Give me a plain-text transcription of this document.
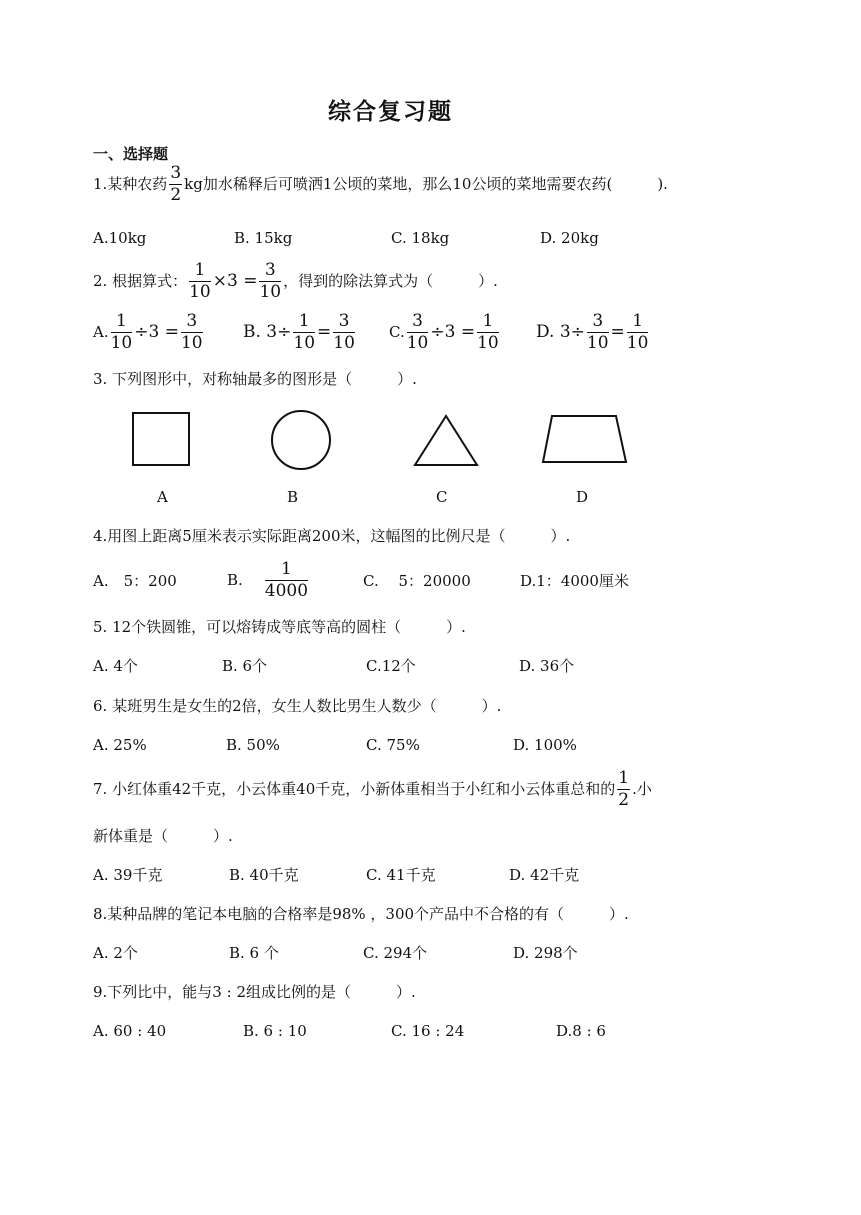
综合复习题
一、选择题
1.某种农药 $\frac{3}{2}$ kg加水稀释后可喷洒1公顷的菜地，那么10公顷的菜地需要农药(　　　).
A.10kg	B. 15kg	C. 18kg	D. 20kg
2. 根据算式： $\frac{1}{10} \times 3 = \frac{3}{10}$ ，得到的除法算式为（　　　）.
A. $\frac{1}{10} \div 3 = \frac{3}{10} B$. $3\div \frac{1}{10} = \frac{3}{10} C$. $\frac{3}{10} \div 3 = \frac{1}{10} D$. $3\div \frac{3}{10} = \frac{1}{10}$
3. 下列图形中，对称轴最多的图形是（　　　）.
A	B	C	D
4.用图上距离5厘米表示实际距离200米，这幅图的比例尺是（　　　）.
A.　5：200	B. $\frac{1}{4000}$	C.　 5：20000	D.1：4000厘米
5. 12个铁圆锥，可以熔铸成等底等高的圆柱（　　　）.
A. 4个	B. 6个	C.12个	D. 36个
6. 某班男生是女生的2倍，女生人数比男生人数少（　　　）.
A. 25%	B. 50%	C. 75%	D. 100%
7. 小红体重42千克，小云体重40千克，小新体重相当于小红和小云体重总和的 $\frac{1}{2}$ .小
新体重是（　　　）.
A. 39千克	B. 40千克	C. 41千克	D. 42千克
8.某种品牌的笔记本电脑的合格率是98% ，300个产品中不合格的有（　　　）.
A. 2个	B. 6 个	C. 294个	D. 298个
9.下列比中，能与3 : 2组成比例的是（　　　）.
A. 60 : 40	B. 6 : 10	C. 16 : 24	D.8 : 6
